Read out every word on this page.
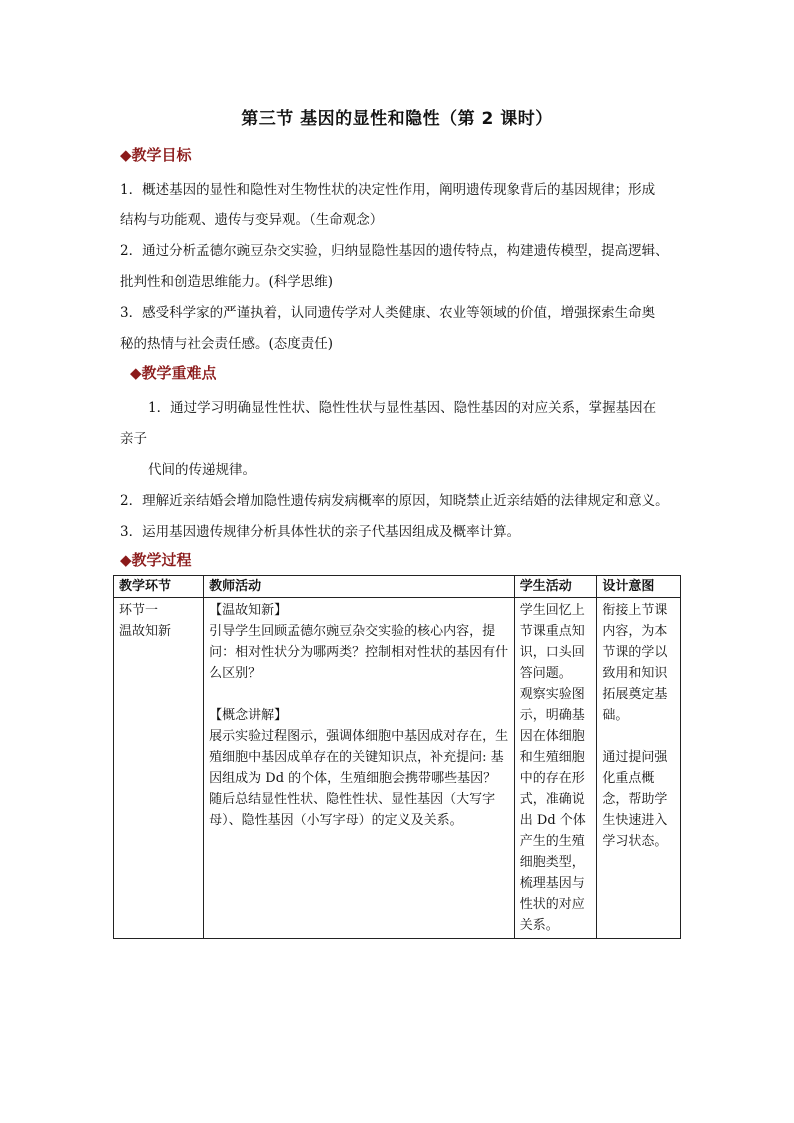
第三节 基因的显性和隐性（第 2 课时）
◆教学目标
1．概述基因的显性和隐性对生物性状的决定性作用，阐明遗传现象背后的基因规律；形成
结构与功能观、遗传与变异观。（生命观念）
2．通过分析孟德尔豌豆杂交实验，归纳显隐性基因的遗传特点，构建遗传模型，提高逻辑、
批判性和创造思维能力。(科学思维)
3．感受科学家的严谨执着，认同遗传学对人类健康、农业等领域的价值，增强探索生命奥
秘的热情与社会责任感。(态度责任)
◆教学重难点
1．通过学习明确显性性状、隐性性状与显性基因、隐性基因的对应关系，掌握基因在
亲子
代间的传递规律。
2．理解近亲结婚会增加隐性遗传病发病概率的原因，知晓禁止近亲结婚的法律规定和意义。
3．运用基因遗传规律分析具体性状的亲子代基因组成及概率计算。
◆教学过程
教学环节	教师活动	学生活动	设计意图
环节一
温故知新	【温故知新】
引导学生回顾孟德尔豌豆杂交实验的核心内容，提问：相对性状分为哪两类？控制相对性状的基因有什么区别？
【概念讲解】
展示实验过程图示，强调体细胞中基因成对存在，生殖细胞中基因成单存在的关键知识点，补充提问: 基因组成为 Dd 的个体，生殖细胞会携带哪些基因？随后总结显性性状、隐性性状、显性基因（大写字母）、隐性基因（小写字母）的定义及关系。	学生回忆上节课重点知识，口头回答问题。
观察实验图示，明确基因在体细胞和生殖细胞中的存在形式，准确说出 Dd 个体产生的生殖细胞类型，梳理基因与性状的对应关系。	衔接上节课内容，为本节课的学以致用和知识拓展奠定基础。
通过提问强化重点概念，帮助学生快速进入学习状态。
